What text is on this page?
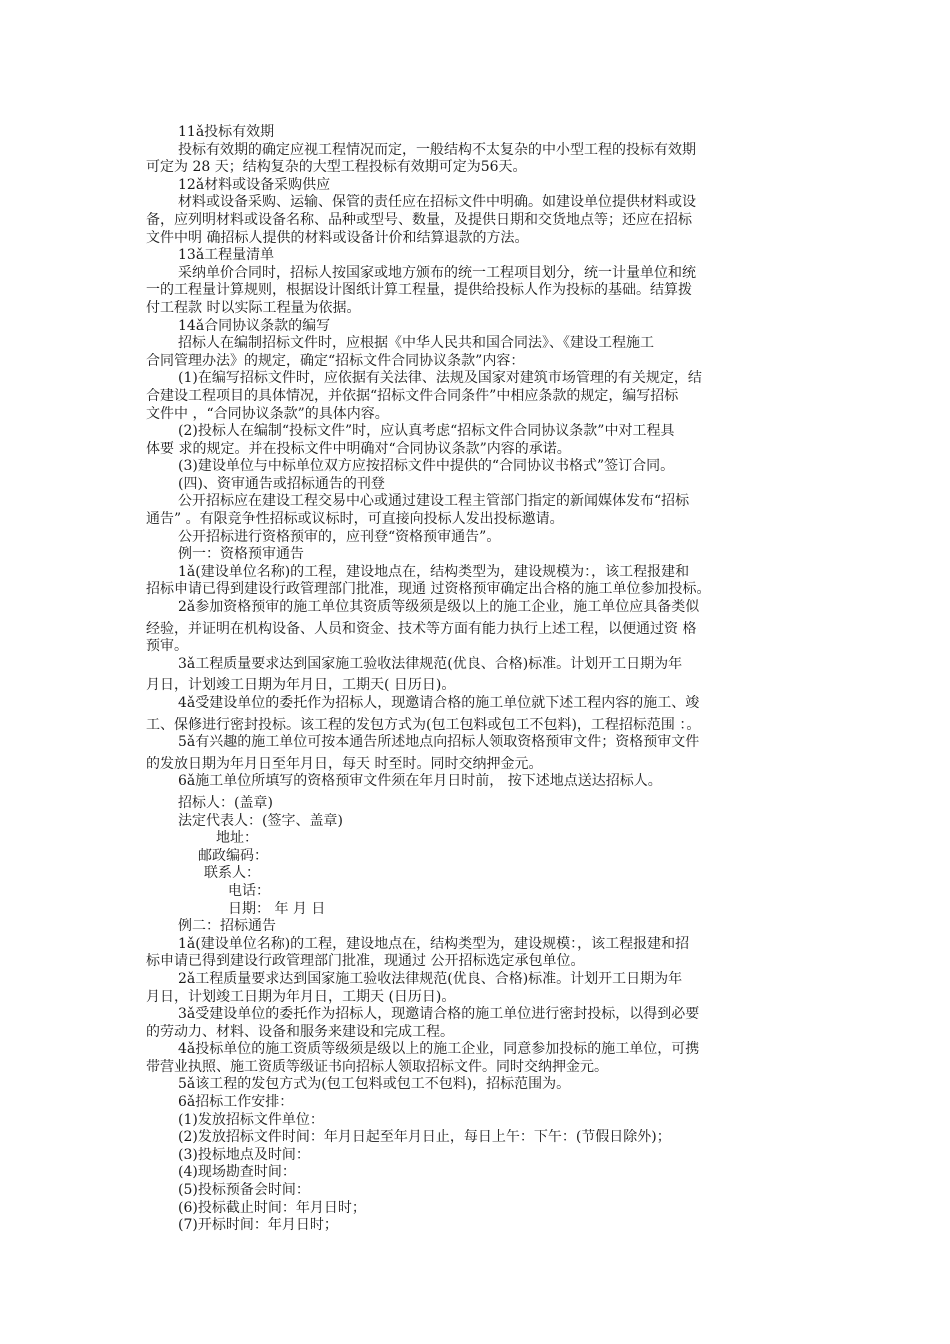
11ǎ投标有效期
投标有效期的确定应视工程情况而定，一般结构不太复杂的中小型工程的投标有效期
可定为 28 天；结构复杂的大型工程投标有效期可定为56天。
12ǎ材料或设备采购供应
材料或设备采购、运输、保管的责任应在招标文件中明确。如建设单位提供材料或设
备，应列明材料或设备名称、品种或型号、数量，及提供日期和交货地点等；还应在招标
文件中明 确招标人提供的材料或设备计价和结算退款的方法。
13ǎ工程量清单
采纳单价合同时，招标人按国家或地方颁布的统一工程项目划分，统一计量单位和统
一的工程量计算规则，根据设计图纸计算工程量，提供给投标人作为投标的基础。结算拨
付工程款 时以实际工程量为依据。
14ǎ合同协议条款的编写
招标人在编制招标文件时，应根据《中华人民共和国合同法》、《建设工程施工
合同管理办法》的规定，确定“招标文件合同协议条款”内容：
(1)在编写招标文件时，应依据有关法律、法规及国家对建筑市场管理的有关规定，结
合建设工程项目的具体情况，并依据“招标文件合同条件”中相应条款的规定，编写招标
文件中 ，“合同协议条款”的具体内容。
(2)投标人在编制“投标文件”时，应认真考虑“招标文件合同协议条款”中对工程具
体要 求的规定。并在投标文件中明确对“合同协议条款”内容的承诺。
(3)建设单位与中标单位双方应按招标文件中提供的“合同协议书格式”签订合同。
(四)、资审通告或招标通告的刊登
公开招标应在建设工程交易中心或通过建设工程主管部门指定的新闻媒体发布“招标
通告” 。有限竞争性招标或议标时，可直接向投标人发出投标邀请。
公开招标进行资格预审的，应刊登“资格预审通告”。
例一：资格预审通告
1ǎ(建设单位名称)的工程，建设地点在，结构类型为，建设规模为：，该工程报建和
招标申请已得到建设行政管理部门批准，现通 过资格预审确定出合格的施工单位参加投标。
2ǎ参加资格预审的施工单位其资质等级须是级以上的施工企业，施工单位应具备类似
经验，并证明在机构设备、人员和资金、技术等方面有能力执行上述工程，以便通过资 格
预审。
3ǎ工程质量要求达到国家施工验收法律规范(优良、合格)标准。计划开工日期为年
月日，计划竣工日期为年月日，工期天( 日历日)。
4ǎ受建设单位的委托作为招标人，现邀请合格的施工单位就下述工程内容的施工、竣
工、保修进行密封投标。该工程的发包方式为(包工包料或包工不包料)，工程招标范围 ：。
5ǎ有兴趣的施工单位可按本通告所述地点向招标人领取资格预审文件；资格预审文件
的发放日期为年月日至年月日，每天 时至时。同时交纳押金元。
6ǎ施工单位所填写的资格预审文件须在年月日时前， 按下述地点送达招标人。
招标人：(盖章)
法定代表人：(签字、盖章)
地址：
邮政编码：
联系人：
电话：
日期： 年 月 日
例二：招标通告
1ǎ(建设单位名称)的工程，建设地点在，结构类型为，建设规模：，该工程报建和招
标申请已得到建设行政管理部门批准，现通过 公开招标选定承包单位。
2ǎ工程质量要求达到国家施工验收法律规范(优良、合格)标准。计划开工日期为年
月日，计划竣工日期为年月日，工期天 (日历日)。
3ǎ受建设单位的委托作为招标人，现邀请合格的施工单位进行密封投标，以得到必要
的劳动力、材料、设备和服务来建设和完成工程。
4ǎ投标单位的施工资质等级须是级以上的施工企业，同意参加投标的施工单位，可携
带营业执照、施工资质等级证书向招标人领取招标文件。同时交纳押金元。
5ǎ该工程的发包方式为(包工包料或包工不包料)，招标范围为。
6ǎ招标工作安排：
(1)发放招标文件单位：
(2)发放招标文件时间：年月日起至年月日止，每日上午：下午：(节假日除外)；
(3)投标地点及时间：
(4)现场勘查时间：
(5)投标预备会时间：
(6)投标截止时间：年月日时；
(7)开标时间：年月日时；
